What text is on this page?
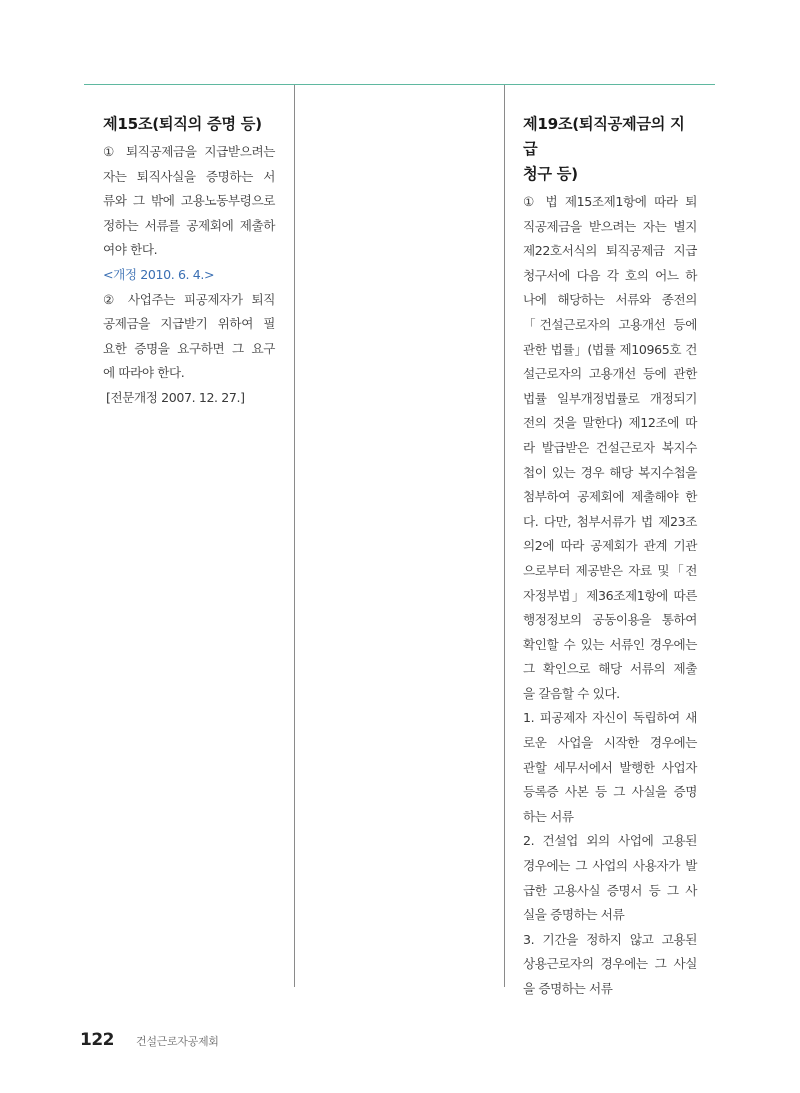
제15조(퇴직의 증명 등)
① 퇴직공제금을 지급받으려는
자는 퇴직사실을 증명하는 서
류와 그 밖에 고용노동부령으로
정하는 서류를 공제회에 제출하
여야 한다.
<개정 2010. 6. 4.>
② 사업주는 피공제자가 퇴직
공제금을 지급받기 위하여 필
요한 증명을 요구하면 그 요구
에 따라야 한다.
[전문개정 2007. 12. 27.]
제19조(퇴직공제금의 지급
청구 등)
① 법 제15조제1항에 따라 퇴
직공제금을 받으려는 자는 별지
제22호서식의 퇴직공제금 지급
청구서에 다음 각 호의 어느 하
나에 해당하는 서류와 종전의
「건설근로자의 고용개선 등에
관한 법률」(법률 제10965호 건
설근로자의 고용개선 등에 관한
법률 일부개정법률로 개정되기
전의 것을 말한다) 제12조에 따
라 발급받은 건설근로자 복지수
첩이 있는 경우 해당 복지수첩을
첨부하여 공제회에 제출해야 한
다. 다만, 첨부서류가 법 제23조
의2에 따라 공제회가 관계 기관
으로부터 제공받은 자료 및「전
자정부법」제36조제1항에 따른
행정정보의 공동이용을 통하여
확인할 수 있는 서류인 경우에는
그 확인으로 해당 서류의 제출
을 갈음할 수 있다.
1. 피공제자 자신이 독립하여 새
로운 사업을 시작한 경우에는
관할 세무서에서 발행한 사업자
등록증 사본 등 그 사실을 증명
하는 서류
2. 건설업 외의 사업에 고용된
경우에는 그 사업의 사용자가 발
급한 고용사실 증명서 등 그 사
실을 증명하는 서류
3. 기간을 정하지 않고 고용된
상용근로자의 경우에는 그 사실
을 증명하는 서류
122 건설근로자공제회
